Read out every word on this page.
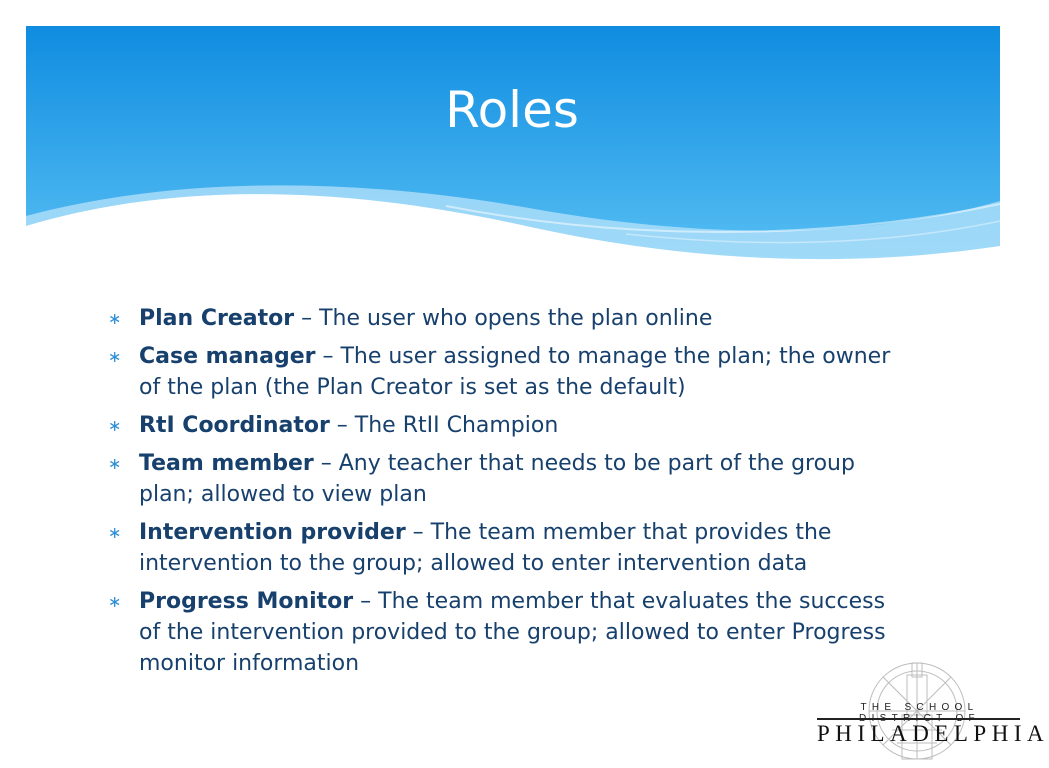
Roles
∗ Plan Creator – The user who opens the plan online
∗ Case manager – The user assigned to manage the plan; the owner of the plan (the Plan Creator is set as the default)
∗ RtI Coordinator – The RtII Champion
∗ Team member – Any teacher that needs to be part of the group plan; allowed to view plan
∗ Intervention provider – The team member that provides the intervention to the group; allowed to enter intervention data
∗ Progress Monitor – The team member that evaluates the success of the intervention provided to the group; allowed to enter Progress monitor information
THE SCHOOL
PHILADELPHIA
